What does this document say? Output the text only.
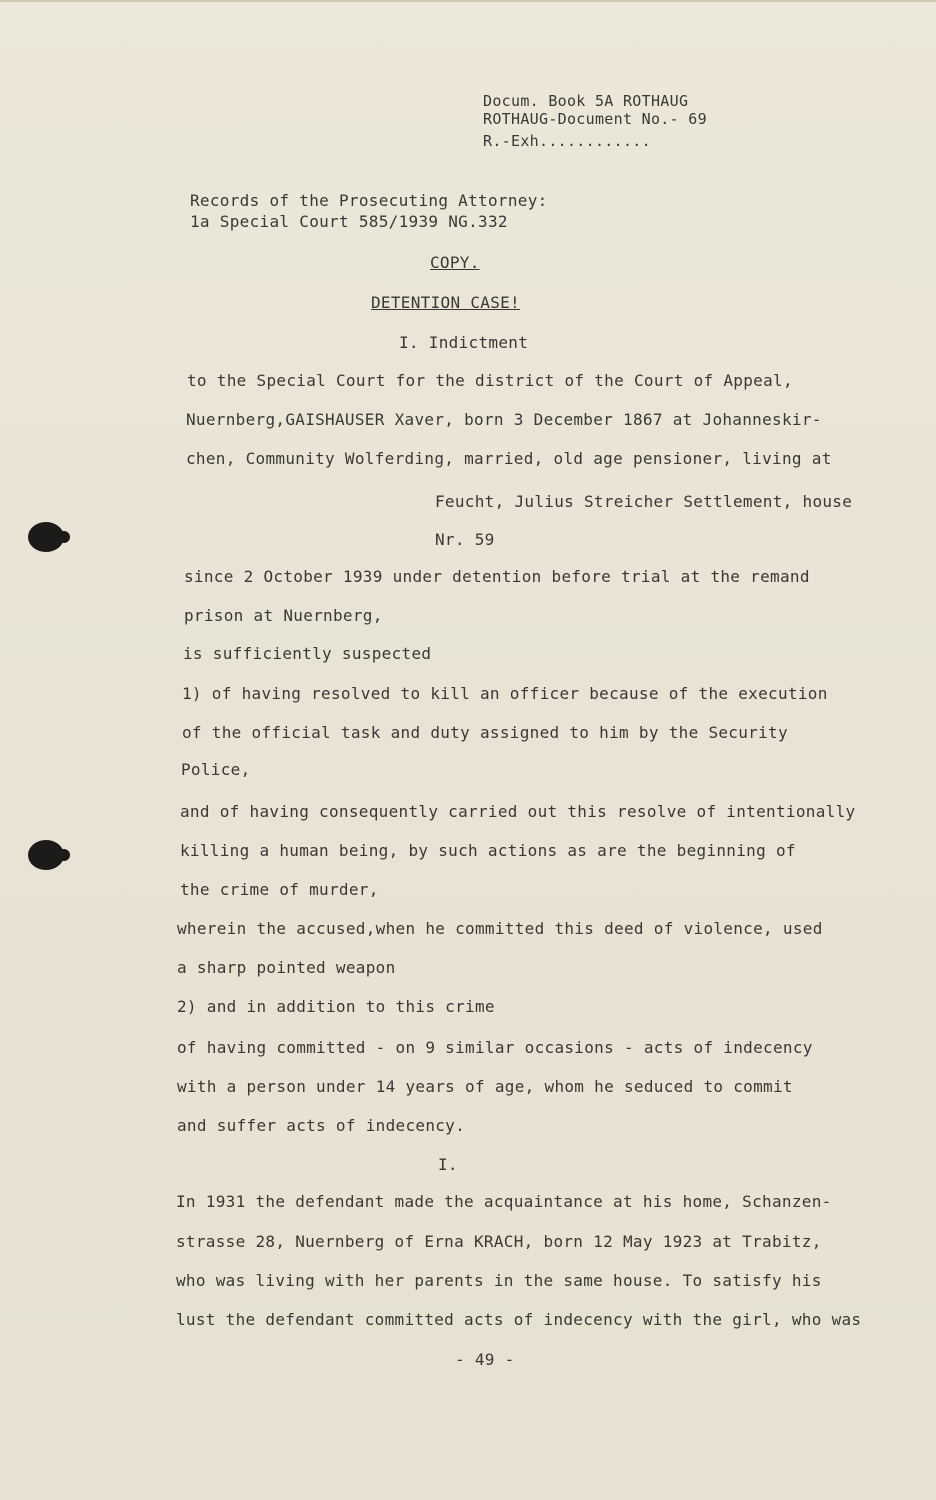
Docum. Book 5A ROTHAUG
ROTHAUG-Document No.- 69
R.-Exh............
Records of the Prosecuting Attorney:
1a Special Court 585/1939 NG.332
COPY.
DETENTION CASE!
I. Indictment
to the Special Court for the district of the Court of Appeal,
Nuernberg,GAISHAUSER Xaver, born 3 December 1867 at Johanneskir-
chen, Community Wolferding, married, old age pensioner, living at
Feucht, Julius Streicher Settlement, house
Nr. 59
since 2 October 1939 under detention before trial at the remand
prison at Nuernberg,
is sufficiently suspected
1) of having resolved to kill an officer because of the execution
of the official task and duty assigned to him by the Security
Police,
and of having consequently carried out this resolve of intentionally
killing a human being, by such actions as are the beginning of
the crime of murder,
wherein the accused,when he committed this deed of violence, used
a sharp pointed weapon
2) and in addition to this crime
of having committed - on 9 similar occasions - acts of indecency
with a person under 14 years of age, whom he seduced to commit
and suffer acts of indecency.
I.
In 1931 the defendant made the acquaintance at his home, Schanzen-
strasse 28, Nuernberg of Erna KRACH, born 12 May 1923 at Trabitz,
who was living with her parents in the same house. To satisfy his
lust the defendant committed acts of indecency with the girl, who was
- 49 -
